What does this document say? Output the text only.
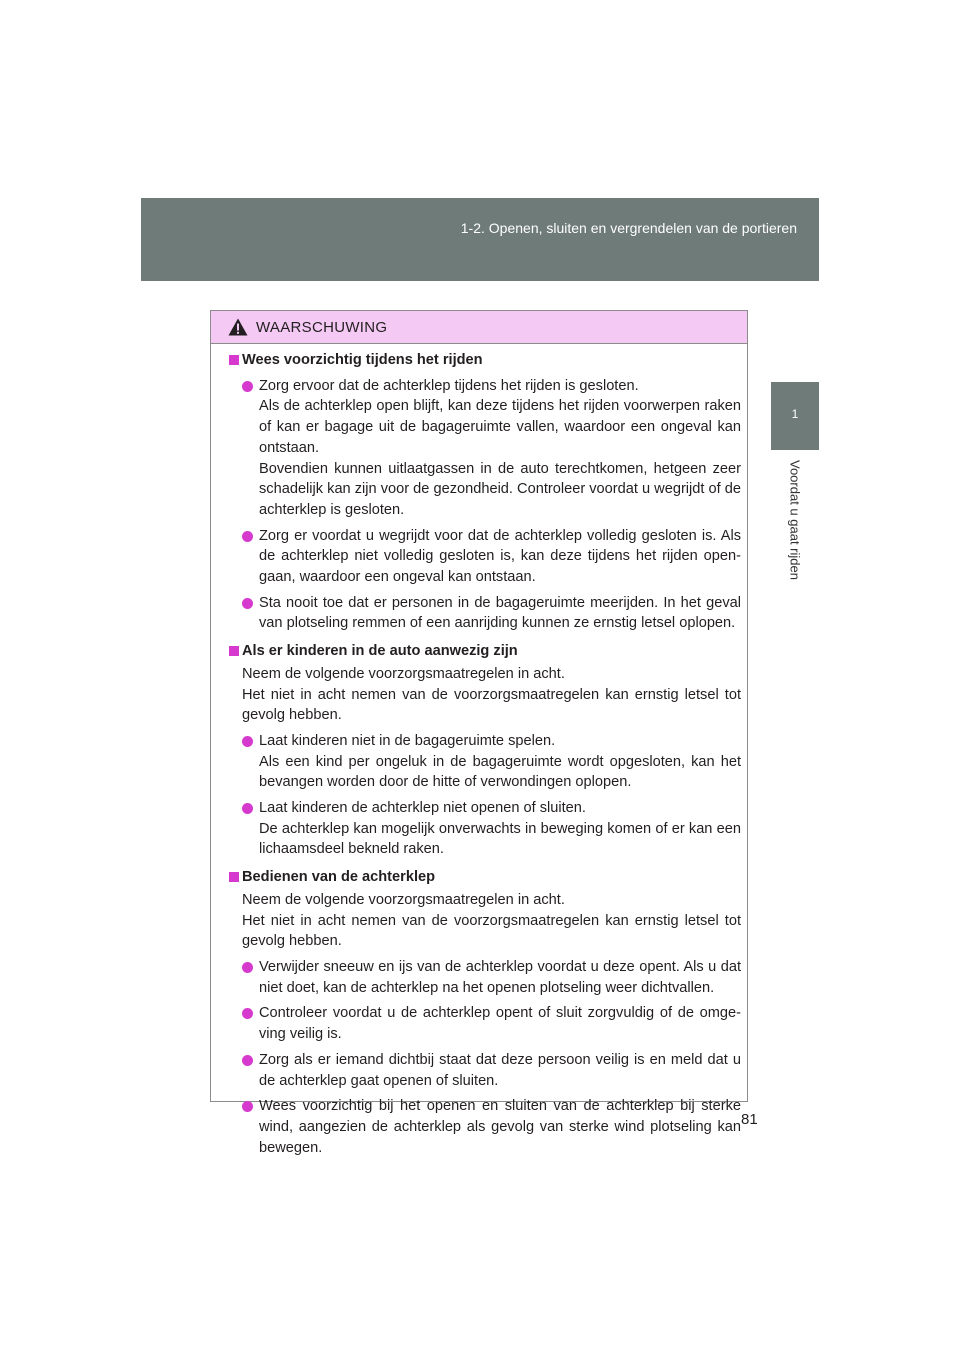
1-2. Openen, sluiten en vergrendelen van de portieren
1
Voordat u gaat rijden
WAARSCHUWING
Wees voorzichtig tijdens het rijden
Zorg ervoor dat de achterklep tijdens het rijden is gesloten.
Als de achterklep open blijft, kan deze tijdens het rijden voorwerpen raken of kan er bagage uit de bagageruimte vallen, waardoor een ongeval kan ontstaan.
Bovendien kunnen uitlaatgassen in de auto terechtkomen, hetgeen zeer schadelijk kan zijn voor de gezondheid. Controleer voordat u wegrijdt of de achterklep is gesloten.
Zorg er voordat u wegrijdt voor dat de achterklep volledig gesloten is. Als de achterklep niet volledig gesloten is, kan deze tijdens het rijden open- gaan, waardoor een ongeval kan ontstaan.
Sta nooit toe dat er personen in de bagageruimte meerijden. In het geval van plotseling remmen of een aanrijding kunnen ze ernstig letsel oplopen.
Als er kinderen in de auto aanwezig zijn
Neem de volgende voorzorgsmaatregelen in acht.
Het niet in acht nemen van de voorzorgsmaatregelen kan ernstig letsel tot gevolg hebben.
Laat kinderen niet in de bagageruimte spelen.
Als een kind per ongeluk in de bagageruimte wordt opgesloten, kan het bevangen worden door de hitte of verwondingen oplopen.
Laat kinderen de achterklep niet openen of sluiten.
De achterklep kan mogelijk onverwachts in beweging komen of er kan een lichaamsdeel bekneld raken.
Bedienen van de achterklep
Neem de volgende voorzorgsmaatregelen in acht.
Het niet in acht nemen van de voorzorgsmaatregelen kan ernstig letsel tot gevolg hebben.
Verwijder sneeuw en ijs van de achterklep voordat u deze opent. Als u dat niet doet, kan de achterklep na het openen plotseling weer dichtvallen.
Controleer voordat u de achterklep opent of sluit zorgvuldig of de omge- ving veilig is.
Zorg als er iemand dichtbij staat dat deze persoon veilig is en meld dat u de achterklep gaat openen of sluiten.
Wees voorzichtig bij het openen en sluiten van de achterklep bij sterke wind, aangezien de achterklep als gevolg van sterke wind plotseling kan bewegen.
81
